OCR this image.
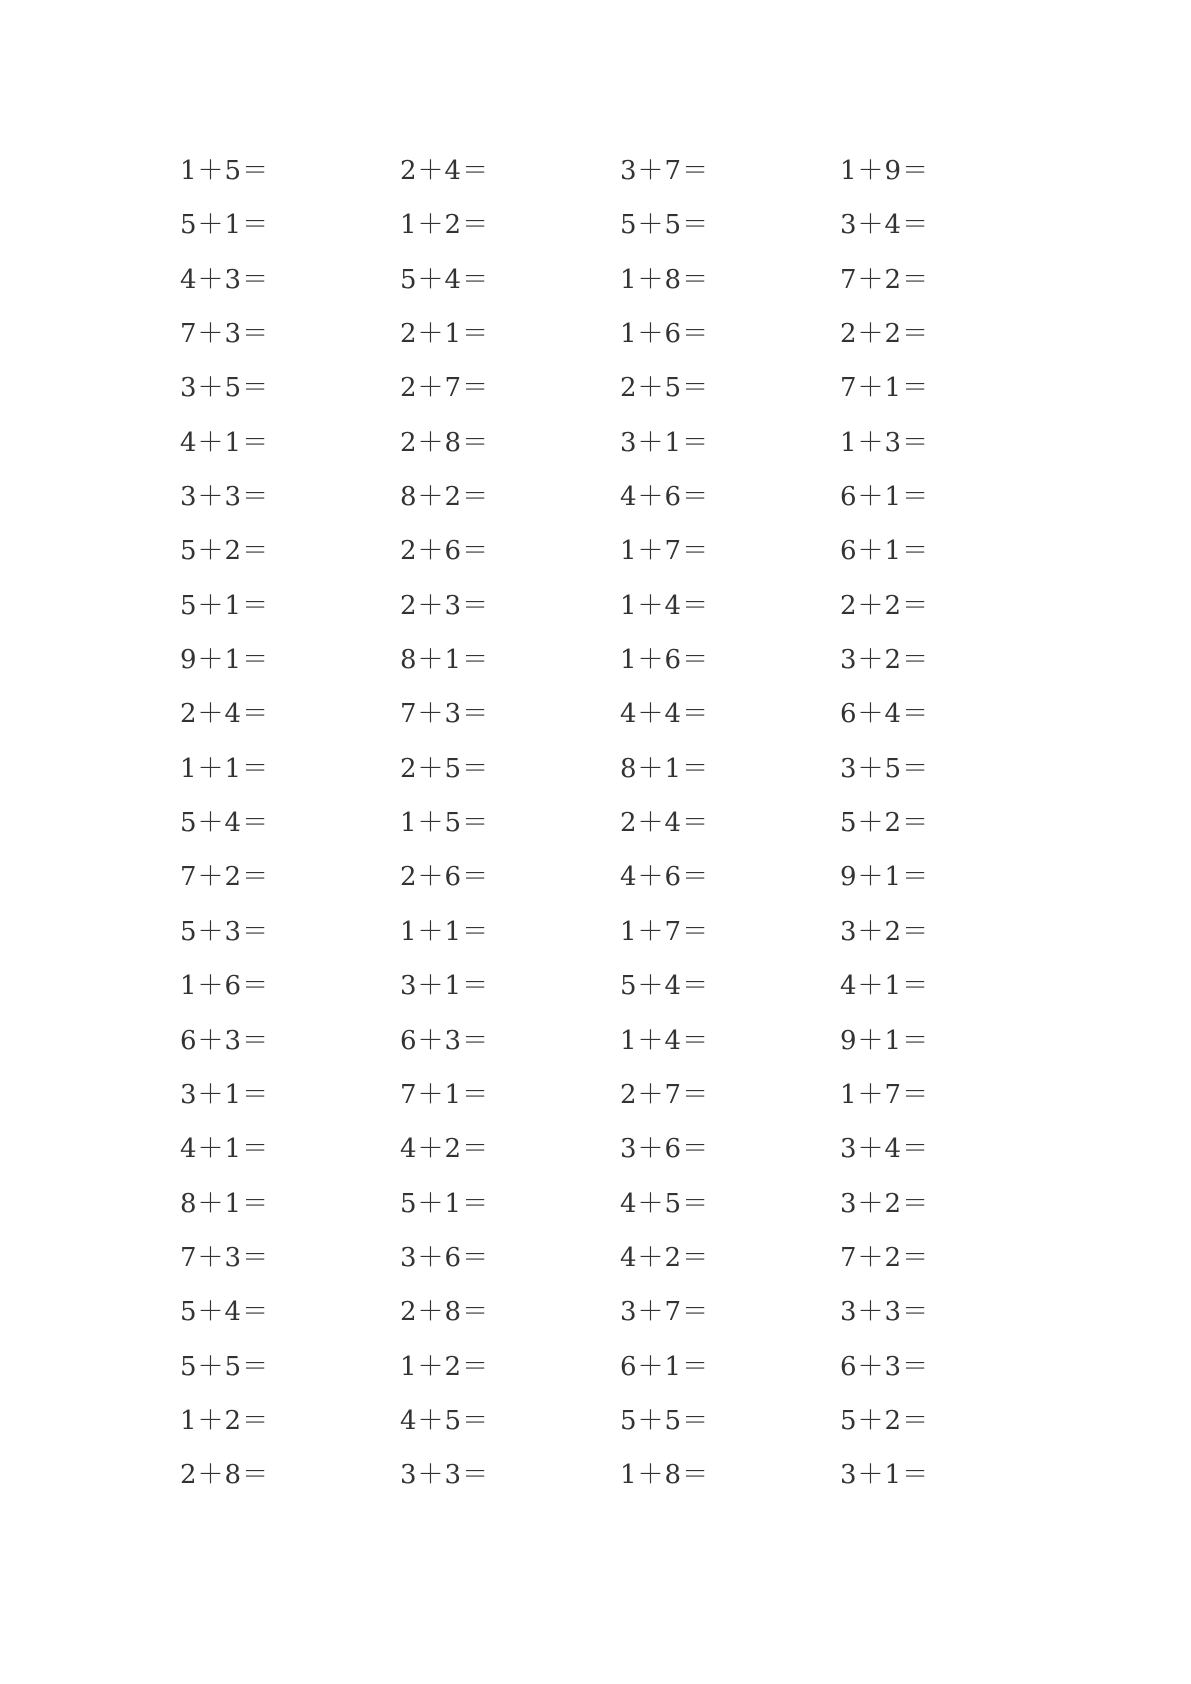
1＋5＝	2＋4＝	3＋7＝	1＋9＝
5＋1＝	1＋2＝	5＋5＝	3＋4＝
4＋3＝	5＋4＝	1＋8＝	7＋2＝
7＋3＝	2＋1＝	1＋6＝	2＋2＝
3＋5＝	2＋7＝	2＋5＝	7＋1＝
4＋1＝	2＋8＝	3＋1＝	1＋3＝
3＋3＝	8＋2＝	4＋6＝	6＋1＝
5＋2＝	2＋6＝	1＋7＝	6＋1＝
5＋1＝	2＋3＝	1＋4＝	2＋2＝
9＋1＝	8＋1＝	1＋6＝	3＋2＝
2＋4＝	7＋3＝	4＋4＝	6＋4＝
1＋1＝	2＋5＝	8＋1＝	3＋5＝
5＋4＝	1＋5＝	2＋4＝	5＋2＝
7＋2＝	2＋6＝	4＋6＝	9＋1＝
5＋3＝	1＋1＝	1＋7＝	3＋2＝
1＋6＝	3＋1＝	5＋4＝	4＋1＝
6＋3＝	6＋3＝	1＋4＝	9＋1＝
3＋1＝	7＋1＝	2＋7＝	1＋7＝
4＋1＝	4＋2＝	3＋6＝	3＋4＝
8＋1＝	5＋1＝	4＋5＝	3＋2＝
7＋3＝	3＋6＝	4＋2＝	7＋2＝
5＋4＝	2＋8＝	3＋7＝	3＋3＝
5＋5＝	1＋2＝	6＋1＝	6＋3＝
1＋2＝	4＋5＝	5＋5＝	5＋2＝
2＋8＝	3＋3＝	1＋8＝	3＋1＝
